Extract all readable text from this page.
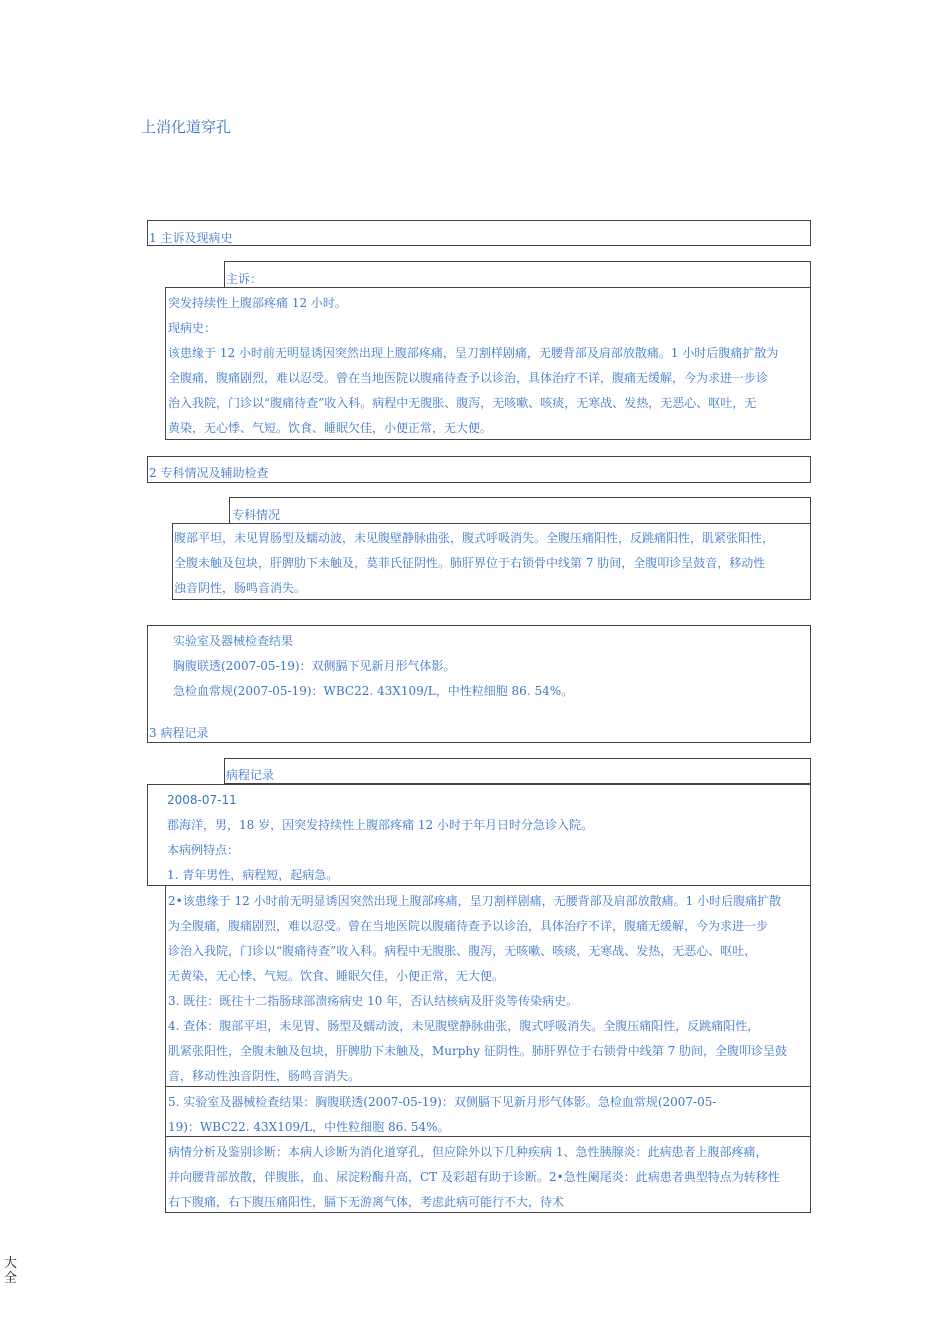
上消化道穿孔
1 主诉及现病史
主诉：
突发持续性上腹部疼痛 12 小时。
现病史：
该患缘于 12 小时前无明显诱因突然出现上腹部疼痛，呈刀割样剧痛，无腰背部及肩部放散痛。1 小时后腹痛扩散为
全腹痛，腹痛剧烈，难以忍受。曾在当地医院以腹痛待查予以诊治，具体治疗不详，腹痛无缓解，今为求进一步诊
治入我院，门诊以“腹痛待查”收入科。病程中无腹胀、腹泻，无咳嗽、咳痰，无寒战、发热，无恶心、呕吐，无
黄染，无心悸、气短。饮食、睡眠欠佳，小便正常，无大便。
2 专科情况及辅助检查
专科情况
腹部平坦，未见胃肠型及蠕动波，未见腹壁静脉曲张，腹式呼吸消失。全腹压痛阳性，反跳痛阳性，肌紧张阳性，
全腹未触及包块，肝脾肋下未触及，莫菲氏征阴性。肺肝界位于右锁骨中线第 7 肋间，全腹叩诊呈鼓音，移动性
浊音阴性，肠鸣音消失。
实验室及器械检查结果
胸腹联透(2007-05-19)：双侧膈下见新月形气体影。
急检血常规(2007-05-19)：WBC22. 43X109/L，中性粒细胞 86. 54%。
3 病程记录
病程记录
2008-07-11
郡海洋，男，18 岁，因突发持续性上腹部疼痛 12 小时于年月日时分急诊入院。
本病例特点：
1. 青年男性，病程短，起病急。
2•该患缘于 12 小时前无明显诱因突然出现上腹部疼痛，呈刀割样剧痛，无腰背部及肩部放散痛。1 小时后腹痛扩散
为全腹痛，腹痛剧烈，难以忍受。曾在当地医院以腹痛待查予以诊治，具体治疗不详，腹痛无缓解，今为求进一步
诊治入我院，门诊以“腹痛待查”收入科。病程中无腹胀、腹泻，无咳嗽、咳痰，无寒战、发热，无恶心、呕吐，
无黄染，无心悸、气短。饮食、睡眠欠佳，小便正常，无大便。
3. 既往：既往十二指肠球部溃疡病史 10 年，否认结核病及肝炎等传染病史。
4. 查体：腹部平坦，未见胃、肠型及蠕动波，未见腹壁静脉曲张，腹式呼吸消失。全腹压痛阳性，反跳痛阳性，
肌紧张阳性，全腹未触及包块，肝脾肋下未触及，Murphy 征阴性。肺肝界位于右锁骨中线第 7 肋间，全腹叩诊呈鼓
音，移动性浊音阴性，肠鸣音消失。
5. 实验室及器械检查结果：胸腹联透(2007-05-19)：双侧膈下见新月形气体影。急检血常规(2007-05-
19)：WBC22. 43X109/L，中性粒细胞 86. 54%。
病情分析及鉴别诊断：本病人诊断为消化道穿孔，但应除外以下几种疾病 1、急性胰腺炎：此病患者上腹部疼痛，
并向腰背部放散，伴腹胀，血、尿淀粉酶升高，CT 及彩超有助于诊断。2•急性阑尾炎：此病患者典型特点为转移性
右下腹痛，右下腹压痛阳性，膈下无游离气体，考虑此病可能行不大，待术
大全
